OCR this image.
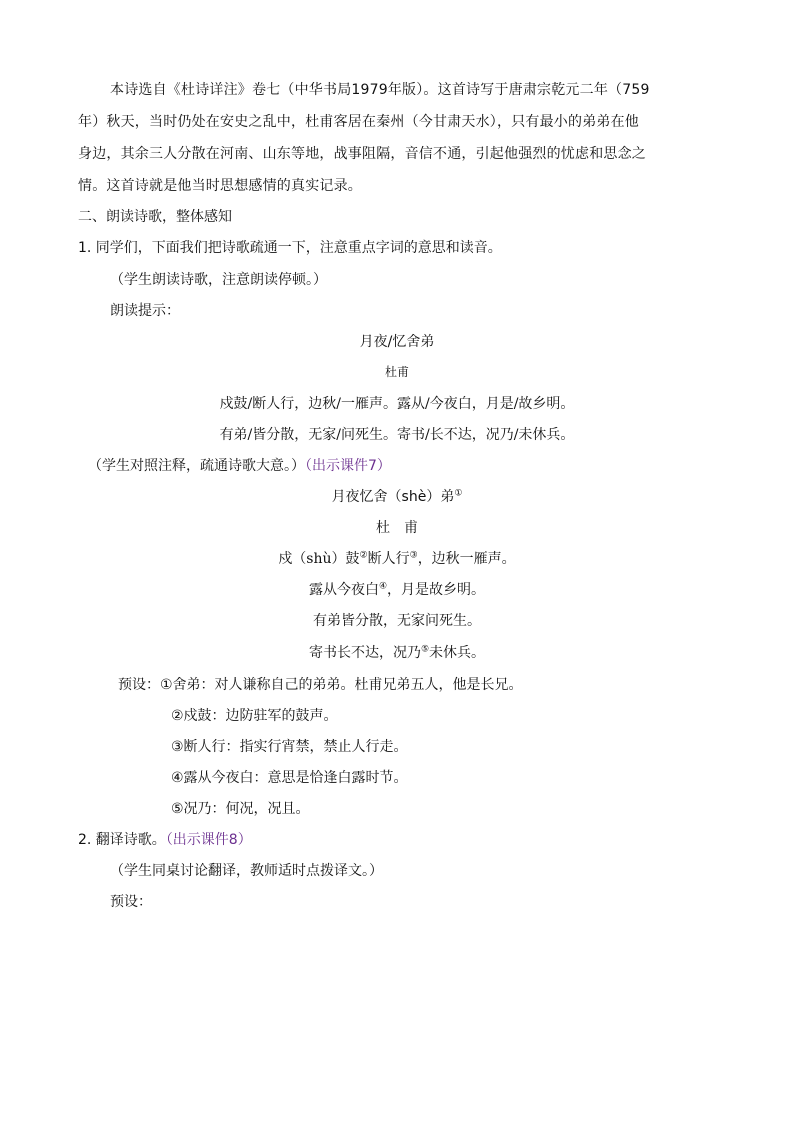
本诗选自《杜诗详注》卷七（中华书局1979年版）。这首诗写于唐肃宗乾元二年（759
年）秋天，当时仍处在安史之乱中，杜甫客居在秦州（今甘肃天水），只有最小的弟弟在他
身边，其余三人分散在河南、山东等地，战事阻隔，音信不通，引起他强烈的忧虑和思念之
情。这首诗就是他当时思想感情的真实记录。
二、朗读诗歌，整体感知
1. 同学们，下面我们把诗歌疏通一下，注意重点字词的意思和读音。
（学生朗读诗歌，注意朗读停顿。）
朗读提示：
月夜/忆舍弟
杜甫
戍鼓/断人行，边秋/一雁声。露从/今夜白，月是/故乡明。
有弟/皆分散，无家/问死生。寄书/长不达，况乃/未休兵。
（学生对照注释，疏通诗歌大意。）（出示课件7）
月夜忆舍（shè）弟①
杜　甫
戍（shù）鼓②断人行③，边秋一雁声。
露从今夜白④，月是故乡明。
有弟皆分散，无家问死生。
寄书长不达，况乃⑤未休兵。
预设：①舍弟：对人谦称自己的弟弟。杜甫兄弟五人，他是长兄。
②戍鼓：边防驻军的鼓声。
③断人行：指实行宵禁，禁止人行走。
④露从今夜白：意思是恰逢白露时节。
⑤况乃：何况，况且。
2. 翻译诗歌。（出示课件8）
（学生同桌讨论翻译，教师适时点拨译文。）
预设：
